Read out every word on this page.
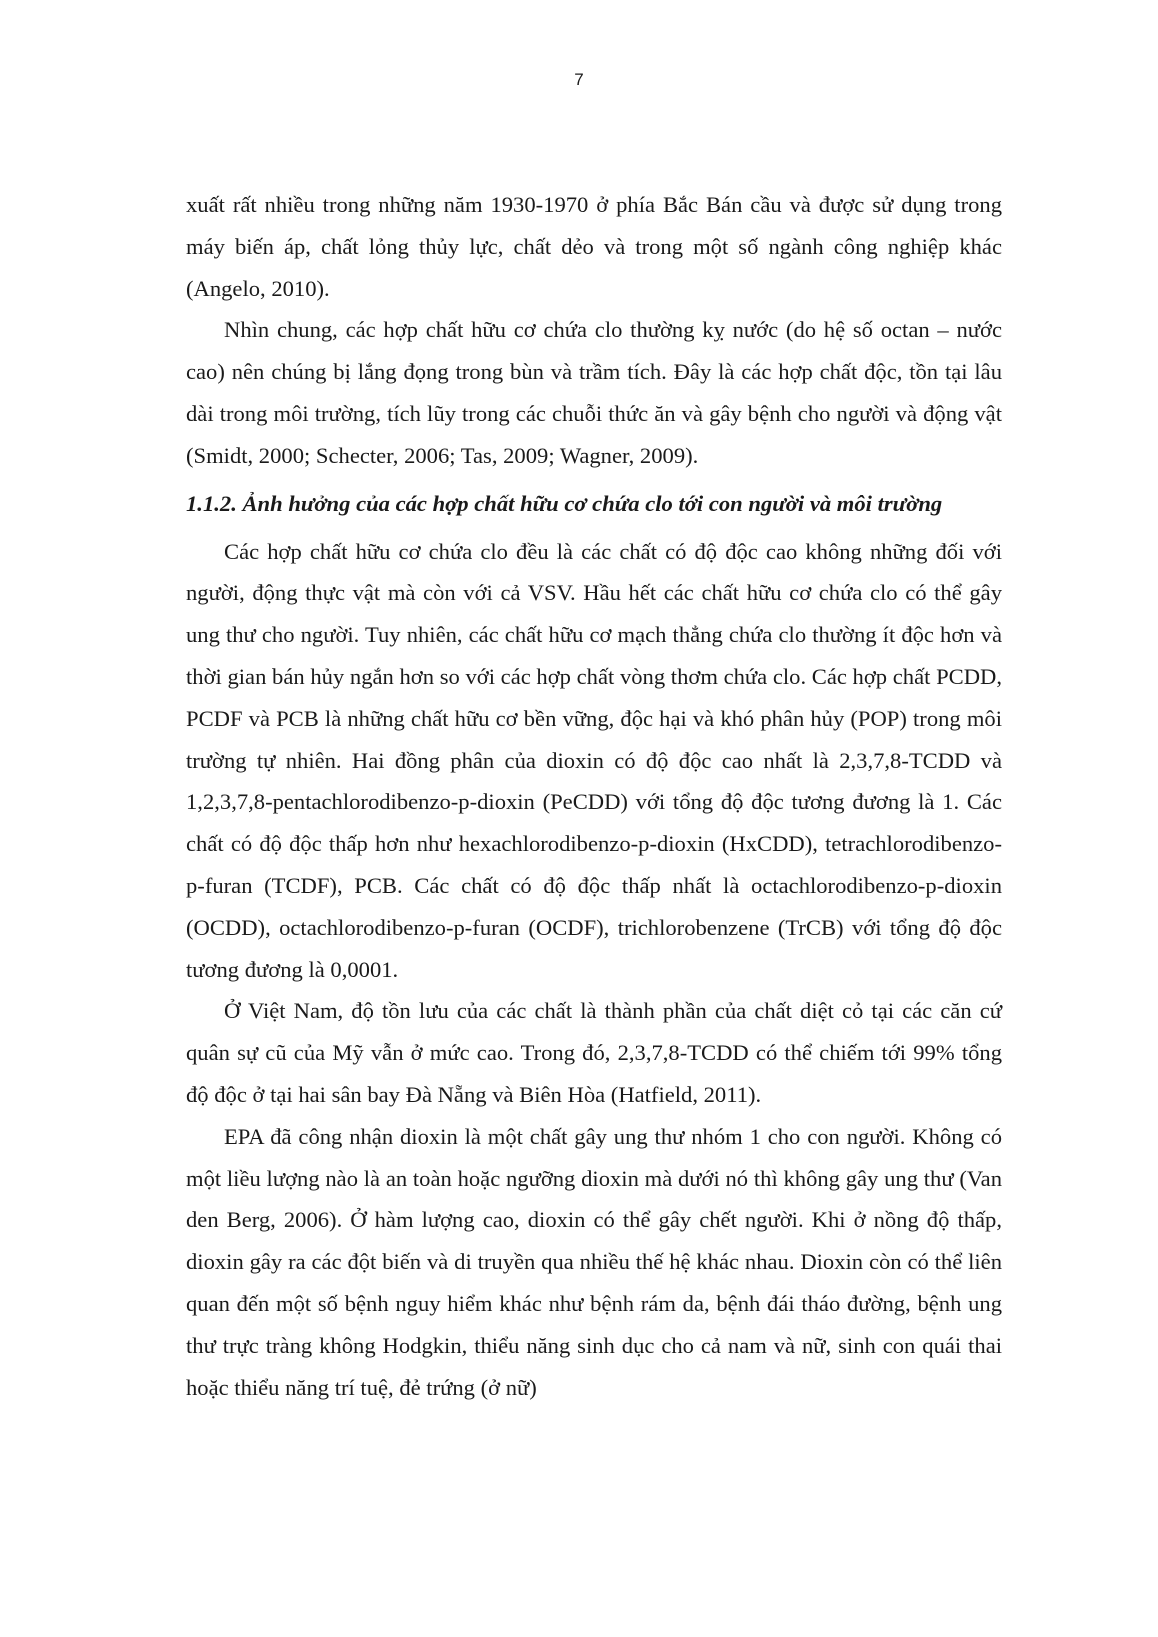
7

xuất rất nhiều trong những năm 1930-1970 ở phía Bắc Bán cầu và được sử dụng trong máy biến áp, chất lỏng thủy lực, chất dẻo và trong một số ngành công nghiệp khác (Angelo, 2010).

Nhìn chung, các hợp chất hữu cơ chứa clo thường kỵ nước (do hệ số octan – nước cao) nên chúng bị lắng đọng trong bùn và trầm tích. Đây là các hợp chất độc, tồn tại lâu dài trong môi trường, tích lũy trong các chuỗi thức ăn và gây bệnh cho người và động vật (Smidt, 2000; Schecter, 2006; Tas, 2009; Wagner, 2009).

1.1.2. Ảnh hưởng của các hợp chất hữu cơ chứa clo tới con người và môi trường

Các hợp chất hữu cơ chứa clo đều là các chất có độ độc cao không những đối với người, động thực vật mà còn với cả VSV. Hầu hết các chất hữu cơ chứa clo có thể gây ung thư cho người. Tuy nhiên, các chất hữu cơ mạch thẳng chứa clo thường ít độc hơn và thời gian bán hủy ngắn hơn so với các hợp chất vòng thơm chứa clo. Các hợp chất PCDD, PCDF và PCB là những chất hữu cơ bền vững, độc hại và khó phân hủy (POP) trong môi trường tự nhiên. Hai đồng phân của dioxin có độ độc cao nhất là 2,3,7,8-TCDD và 1,2,3,7,8-pentachlorodibenzo-p-dioxin (PeCDD) với tổng độ độc tương đương là 1. Các chất có độ độc thấp hơn như hexachlorodibenzo-p-dioxin (HxCDD), tetrachlorodibenzo-p-furan (TCDF), PCB. Các chất có độ độc thấp nhất là octachlorodibenzo-p-dioxin (OCDD), octachlorodibenzo-p-furan (OCDF), trichlorobenzene (TrCB) với tổng độ độc tương đương là 0,0001.

Ở Việt Nam, độ tồn lưu của các chất là thành phần của chất diệt cỏ tại các căn cứ quân sự cũ của Mỹ vẫn ở mức cao. Trong đó, 2,3,7,8-TCDD có thể chiếm tới 99% tổng độ độc ở tại hai sân bay Đà Nẵng và Biên Hòa (Hatfield, 2011).

EPA đã công nhận dioxin là một chất gây ung thư nhóm 1 cho con người. Không có một liều lượng nào là an toàn hoặc ngưỡng dioxin mà dưới nó thì không gây ung thư (Van den Berg, 2006). Ở hàm lượng cao, dioxin có thể gây chết người. Khi ở nồng độ thấp, dioxin gây ra các đột biến và di truyền qua nhiều thế hệ khác nhau. Dioxin còn có thể liên quan đến một số bệnh nguy hiểm khác như bệnh rám da, bệnh đái tháo đường, bệnh ung thư trực tràng không Hodgkin, thiểu năng sinh dục cho cả nam và nữ, sinh con quái thai hoặc thiểu năng trí tuệ, đẻ trứng (ở nữ)
